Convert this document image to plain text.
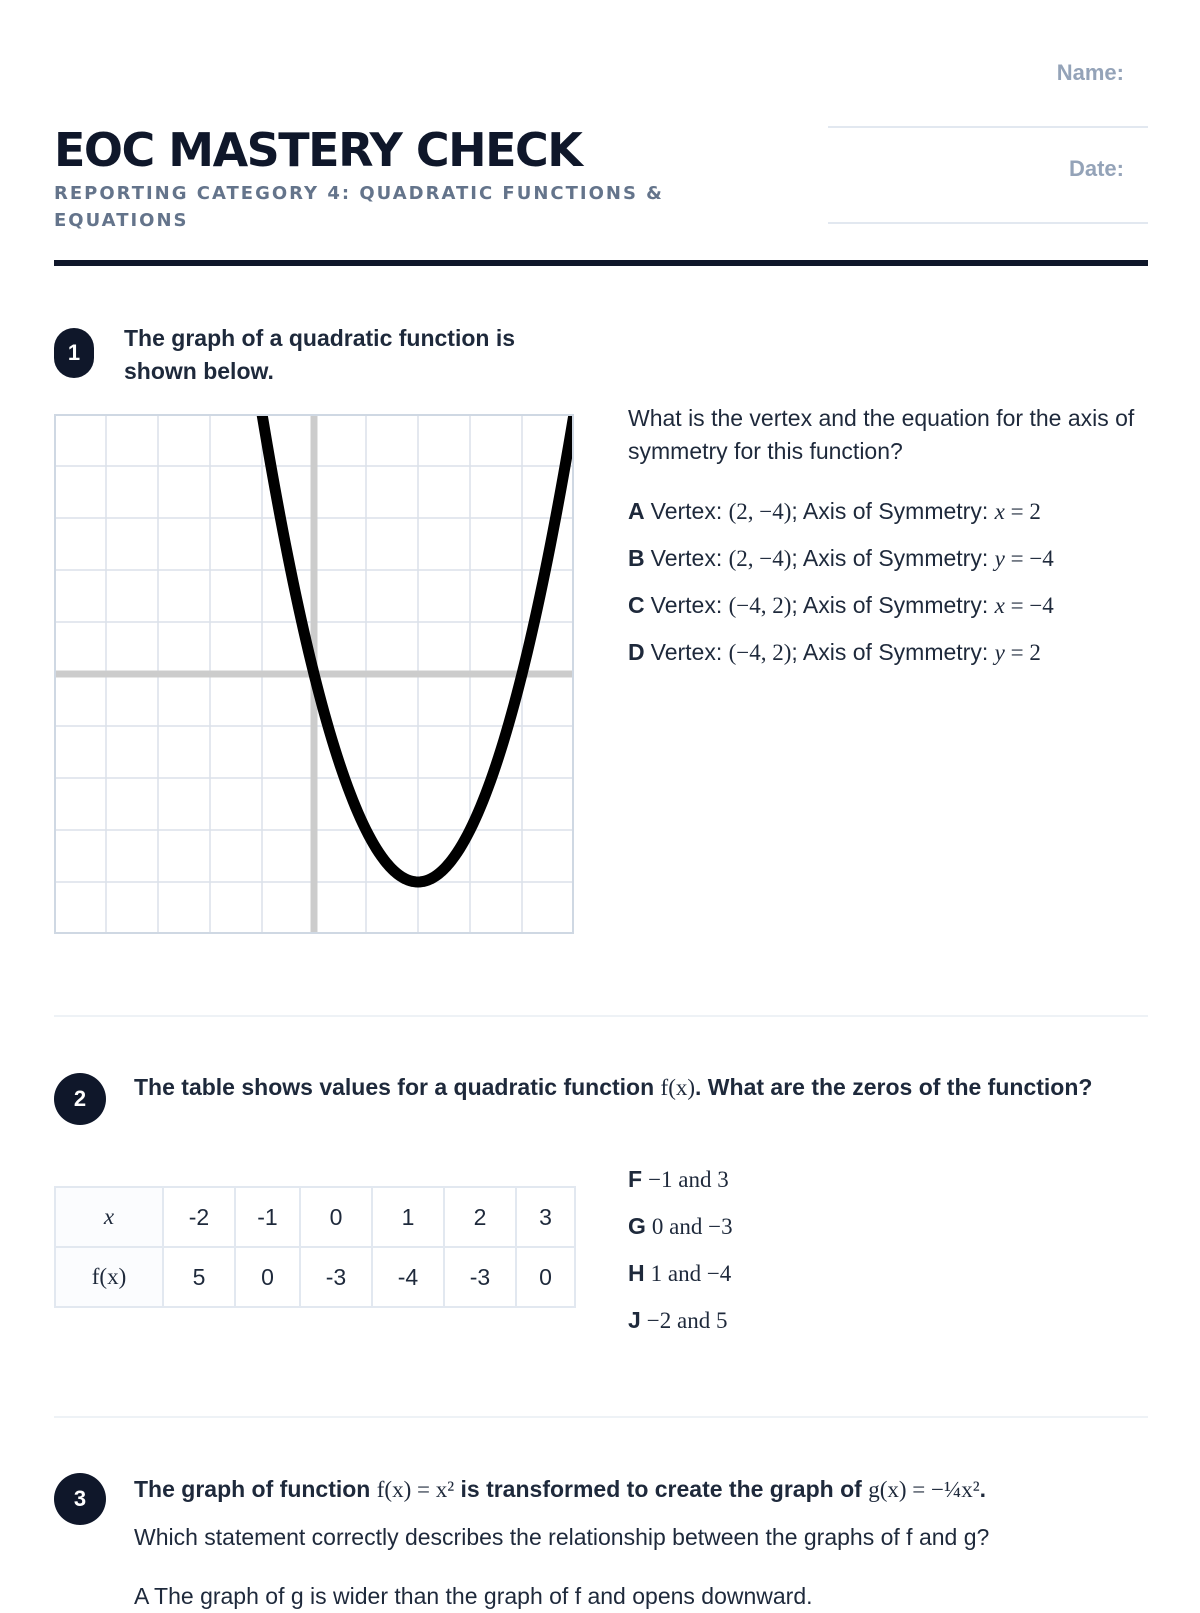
EOC MASTERY CHECK
REPORTING CATEGORY 4: QUADRATIC FUNCTIONS & EQUATIONS
Name:
Date:
1
The graph of a quadratic function is shown below.
What is the vertex and the equation for the axis of symmetry for this function?
A Vertex: (2, −4); Axis of Symmetry: x = 2
B Vertex: (2, −4); Axis of Symmetry: y = −4
C Vertex: (−4, 2); Axis of Symmetry: x = −4
D Vertex: (−4, 2); Axis of Symmetry: y = 2
2	The table shows values for a quadratic function f(x). What are the zeros of the function?
x	-2	-1	0	1	2	3
f(x)	5	0	-3	-4	-3	0
F −1 and 3
G 0 and −3
H 1 and −4
J −2 and 5
3	The graph of function f(x) = x² is transformed to create the graph of g(x) = −¼x².
Which statement correctly describes the relationship between the graphs of f and g?
A The graph of g is wider than the graph of f and opens downward.
